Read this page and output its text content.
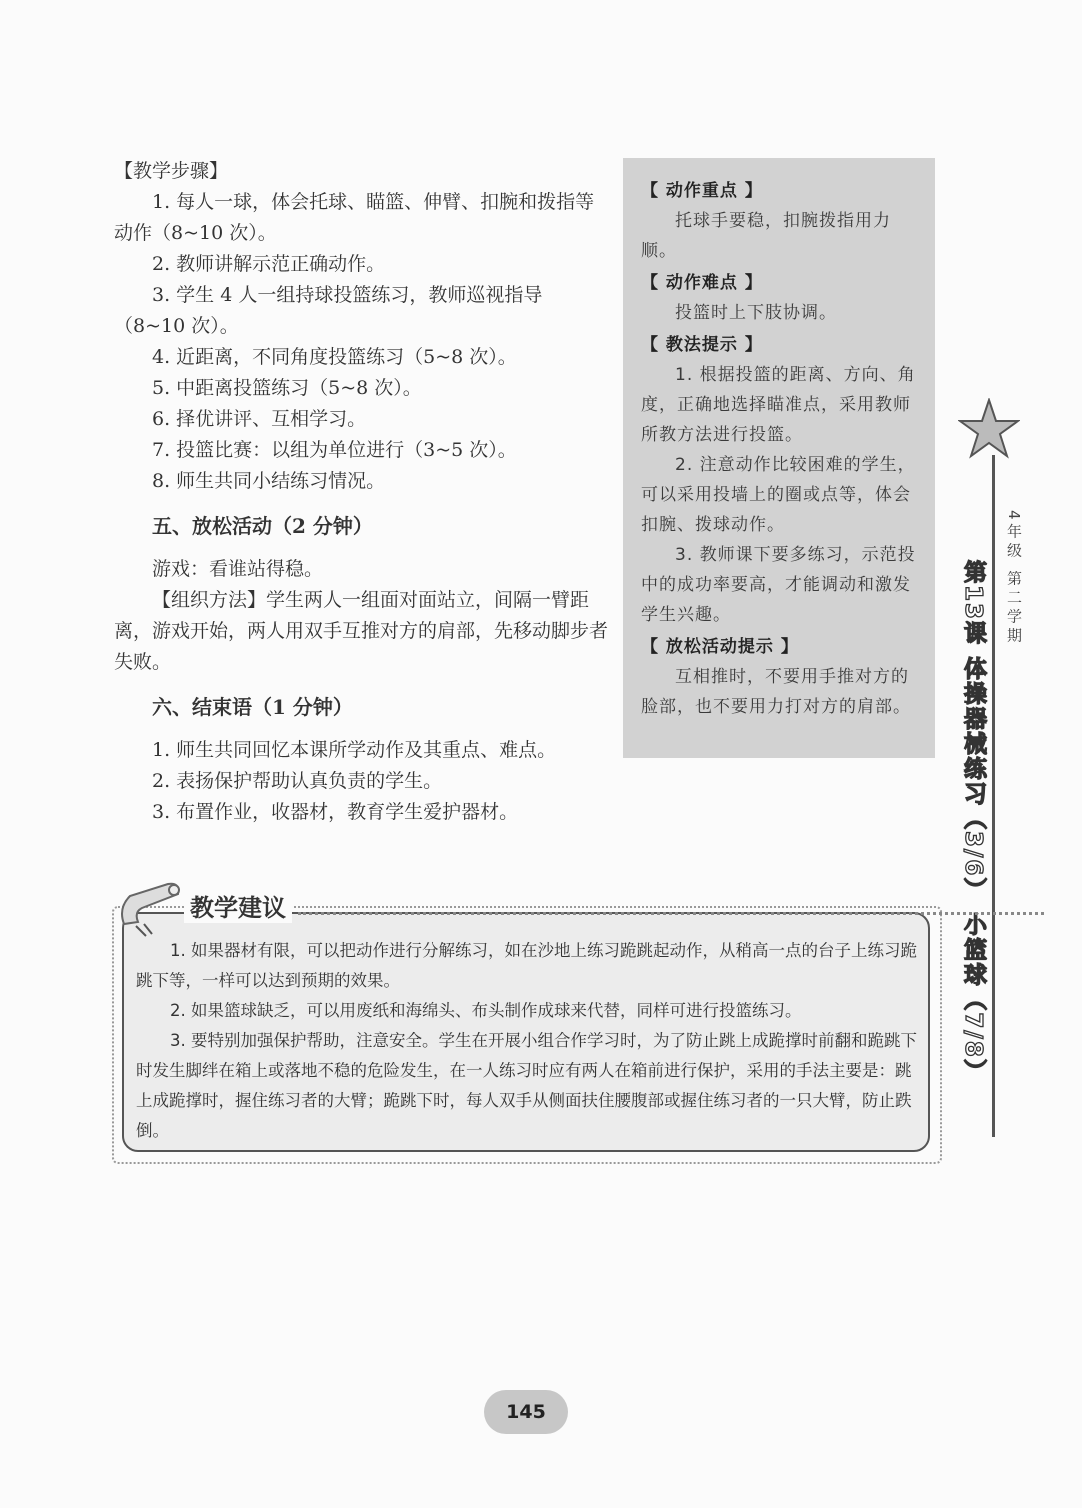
【教学步骤】

1. 每人一球，体会托球、瞄篮、伸臂、扣腕和拨指等动作（8~10 次）。

2. 教师讲解示范正确动作。

3. 学生 4 人一组持球投篮练习，教师巡视指导（8~10 次）。

4. 近距离，不同角度投篮练习（5~8 次）。

5. 中距离投篮练习（5~8 次）。

6. 择优讲评、互相学习。

7. 投篮比赛：以组为单位进行（3~5 次）。

8. 师生共同小结练习情况。

五、放松活动（2 分钟）

游戏：看谁站得稳。

【组织方法】学生两人一组面对面站立，间隔一臂距离，游戏开始，两人用双手互推对方的肩部，先移动脚步者失败。

六、结束语（1 分钟）

1. 师生共同回忆本课所学动作及其重点、难点。

2. 表扬保护帮助认真负责的学生。

3. 布置作业，收器材，教育学生爱护器材。

【 动作重点 】

托球手要稳，扣腕拨指用力顺。

【 动作难点 】

投篮时上下肢协调。

【 教法提示 】

1. 根据投篮的距离、方向、角度，正确地选择瞄准点，采用教师所教方法进行投篮。

2. 注意动作比较困难的学生，可以采用投墙上的圈或点等，体会扣腕、拨球动作。

3. 教师课下要多练习，示范投中的成功率要高，才能调动和激发学生兴趣。

【 放松活动提示 】

互相推时，不要用手推对方的脸部，也不要用力打对方的肩部。

4年级 第二学期
第13课 体操器械练习（3/6） 小篮球（7/8）
教学建议

1. 如果器材有限，可以把动作进行分解练习，如在沙地上练习跪跳起动作，从稍高一点的台子上练习跪跳下等，一样可以达到预期的效果。

2. 如果篮球缺乏，可以用废纸和海绵头、布头制作成球来代替，同样可进行投篮练习。

3. 要特别加强保护帮助，注意安全。学生在开展小组合作学习时，为了防止跳上成跪撑时前翻和跪跳下时发生脚绊在箱上或落地不稳的危险发生，在一人练习时应有两人在箱前进行保护，采用的手法主要是：跳上成跪撑时，握住练习者的大臂；跪跳下时，每人双手从侧面扶住腰腹部或握住练习者的一只大臂，防止跌倒。

145
